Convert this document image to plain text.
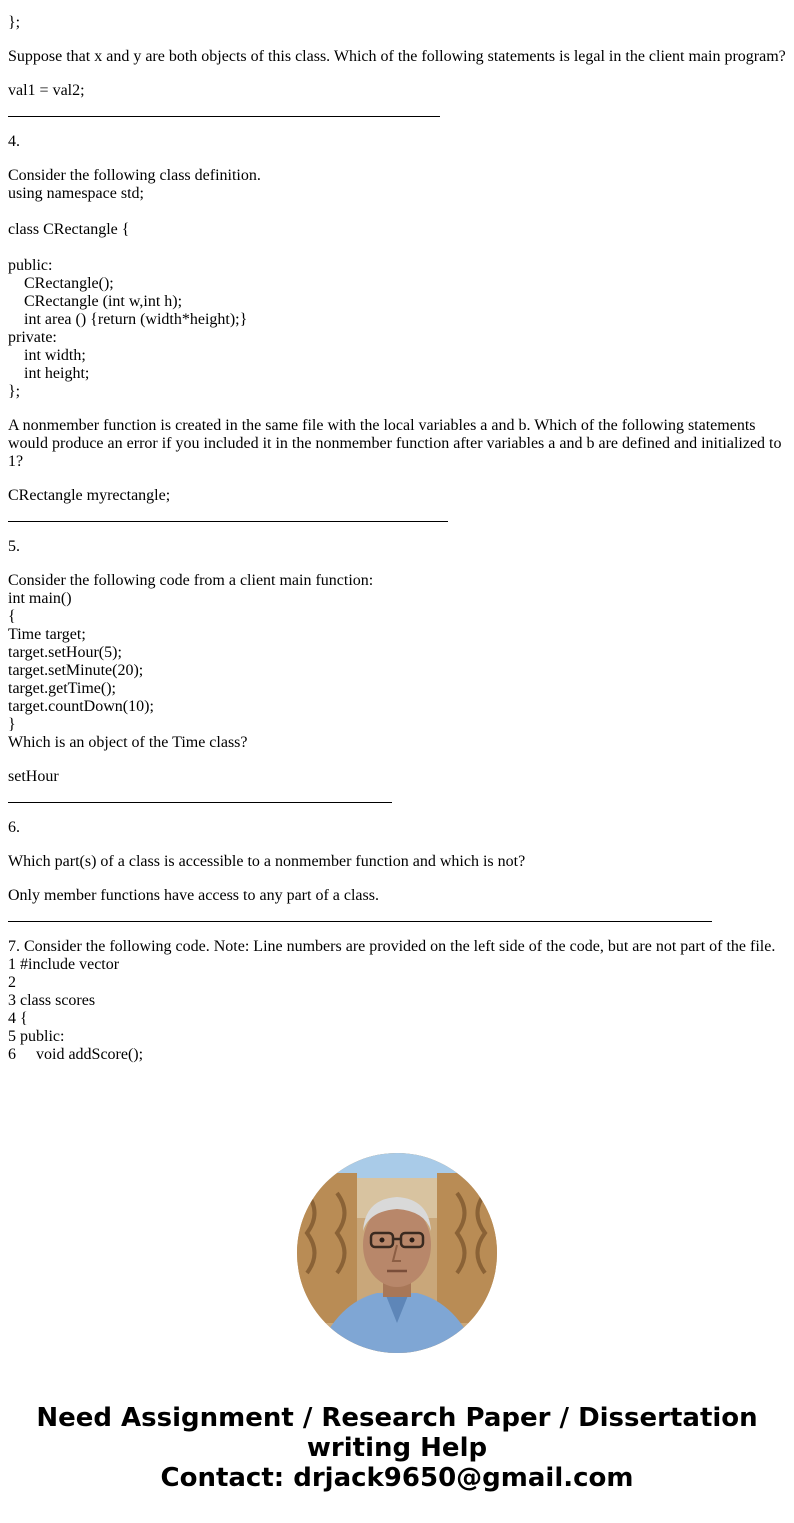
};
Suppose that x and y are both objects of this class. Which of the following statements is legal in the client main program?
val1 = val2;
4.
Consider the following class definition.
using namespace std;
class CRectangle {
public:
CRectangle();
CRectangle (int w,int h);
int area () {return (width*height);}
private:
int width;
int height;
};
A nonmember function is created in the same file with the local variables a and b. Which of the following statements would produce an error if you included it in the nonmember function after variables a and b are defined and initialized to 1?
CRectangle myrectangle;
5.
Consider the following code from a client main function:
int main()
{
Time target;
target.setHour(5);
target.setMinute(20);
target.getTime();
target.countDown(10);
}
Which is an object of the Time class?
setHour
6.
Which part(s) of a class is accessible to a nonmember function and which is not?
Only member functions have access to any part of a class.
7. Consider the following code. Note: Line numbers are provided on the left side of the code, but are not part of the file.
1 #include vector
2
3 class scores
4 {
5 public:
6     void addScore();
Need Assignment / Research Paper / Dissertation
writing Help
Contact: drjack9650@gmail.com
